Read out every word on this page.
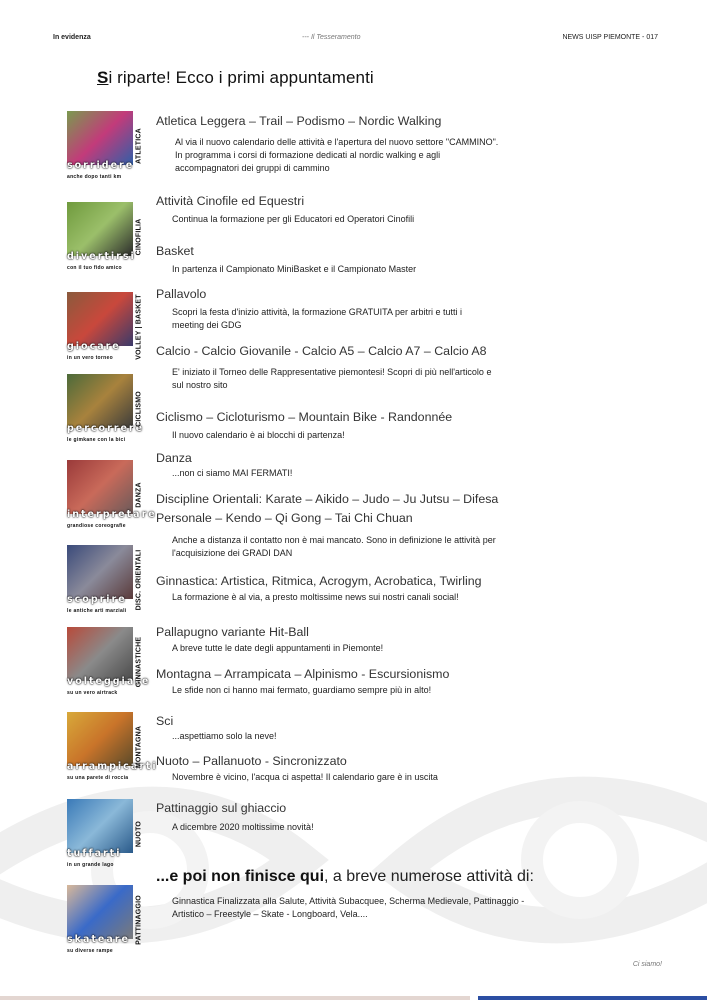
In evidenza	--- Il Tesseramento	NEWS UISP PIEMONTE - 017
Si riparte! Ecco i primi appuntamenti
sorridere
anche dopo tanti km
ATLETICA
divertirsi
con il tuo fido amico
CINOFILIA
giocare
in un vero torneo	VOLLEY | BASKET
percorrere
le gimkane con la bici
CICLISMO
interpretare
grandiose coreografie
DANZA
scoprire
le antiche arti marziali
DISC. ORIENTALI
volteggiare
su un vero airtrack
GINNASTICHE
arrampicarti
su una parete di roccia
MONTAGNA
tuffarti
in un grande lago
NUOTO
skateare
su diverse rampe
PATTINAGGIO
Atletica Leggera – Trail – Podismo – Nordic Walking
Al via il nuovo calendario delle attività e l'apertura del nuovo settore "CAMMINO". In programma i corsi di formazione dedicati al nordic walking e agli accompagnatori dei gruppi di cammino
Attività Cinofile ed Equestri
Continua la formazione per gli Educatori ed Operatori Cinofili
Basket
In partenza il Campionato MiniBasket e il Campionato Master
Pallavolo
Scopri la festa d'inizio attività, la formazione GRATUITA per arbitri e tutti i meeting dei GDG
Calcio - Calcio Giovanile - Calcio A5 – Calcio A7 – Calcio A8
E' iniziato il Torneo delle Rappresentative piemontesi! Scopri di più nell'articolo e sul nostro sito
Ciclismo – Cicloturismo – Mountain Bike - Randonnée
Il nuovo calendario è ai blocchi di partenza!
Danza
...non ci siamo MAI FERMATI!
Discipline Orientali: Karate – Aikido – Judo – Ju Jutsu – Difesa Personale – Kendo – Qi Gong – Tai Chi Chuan
Anche a distanza il contatto non è mai mancato. Sono in definizione le attività per l'acquisizione dei GRADI DAN
Ginnastica: Artistica, Ritmica, Acrogym, Acrobatica, Twirling
La formazione è al via, a presto moltissime news sui nostri canali social!
Pallapugno variante Hit-Ball
A breve tutte le date degli appuntamenti in Piemonte!
Montagna – Arrampicata – Alpinismo - Escursionismo
Le sfide non ci hanno mai fermato, guardiamo sempre più in alto!
Sci
...aspettiamo solo la neve!
Nuoto – Pallanuoto - Sincronizzato
Novembre è vicino, l'acqua ci aspetta! Il calendario gare è in uscita
Pattinaggio sul ghiaccio
A dicembre 2020 moltissime novità!
...e poi non finisce qui, a breve numerose attività di:
Ginnastica Finalizzata alla Salute, Attività Subacquee, Scherma Medievale, Pattinaggio - Artistico – Freestyle – Skate - Longboard, Vela....
Ci siamo!
